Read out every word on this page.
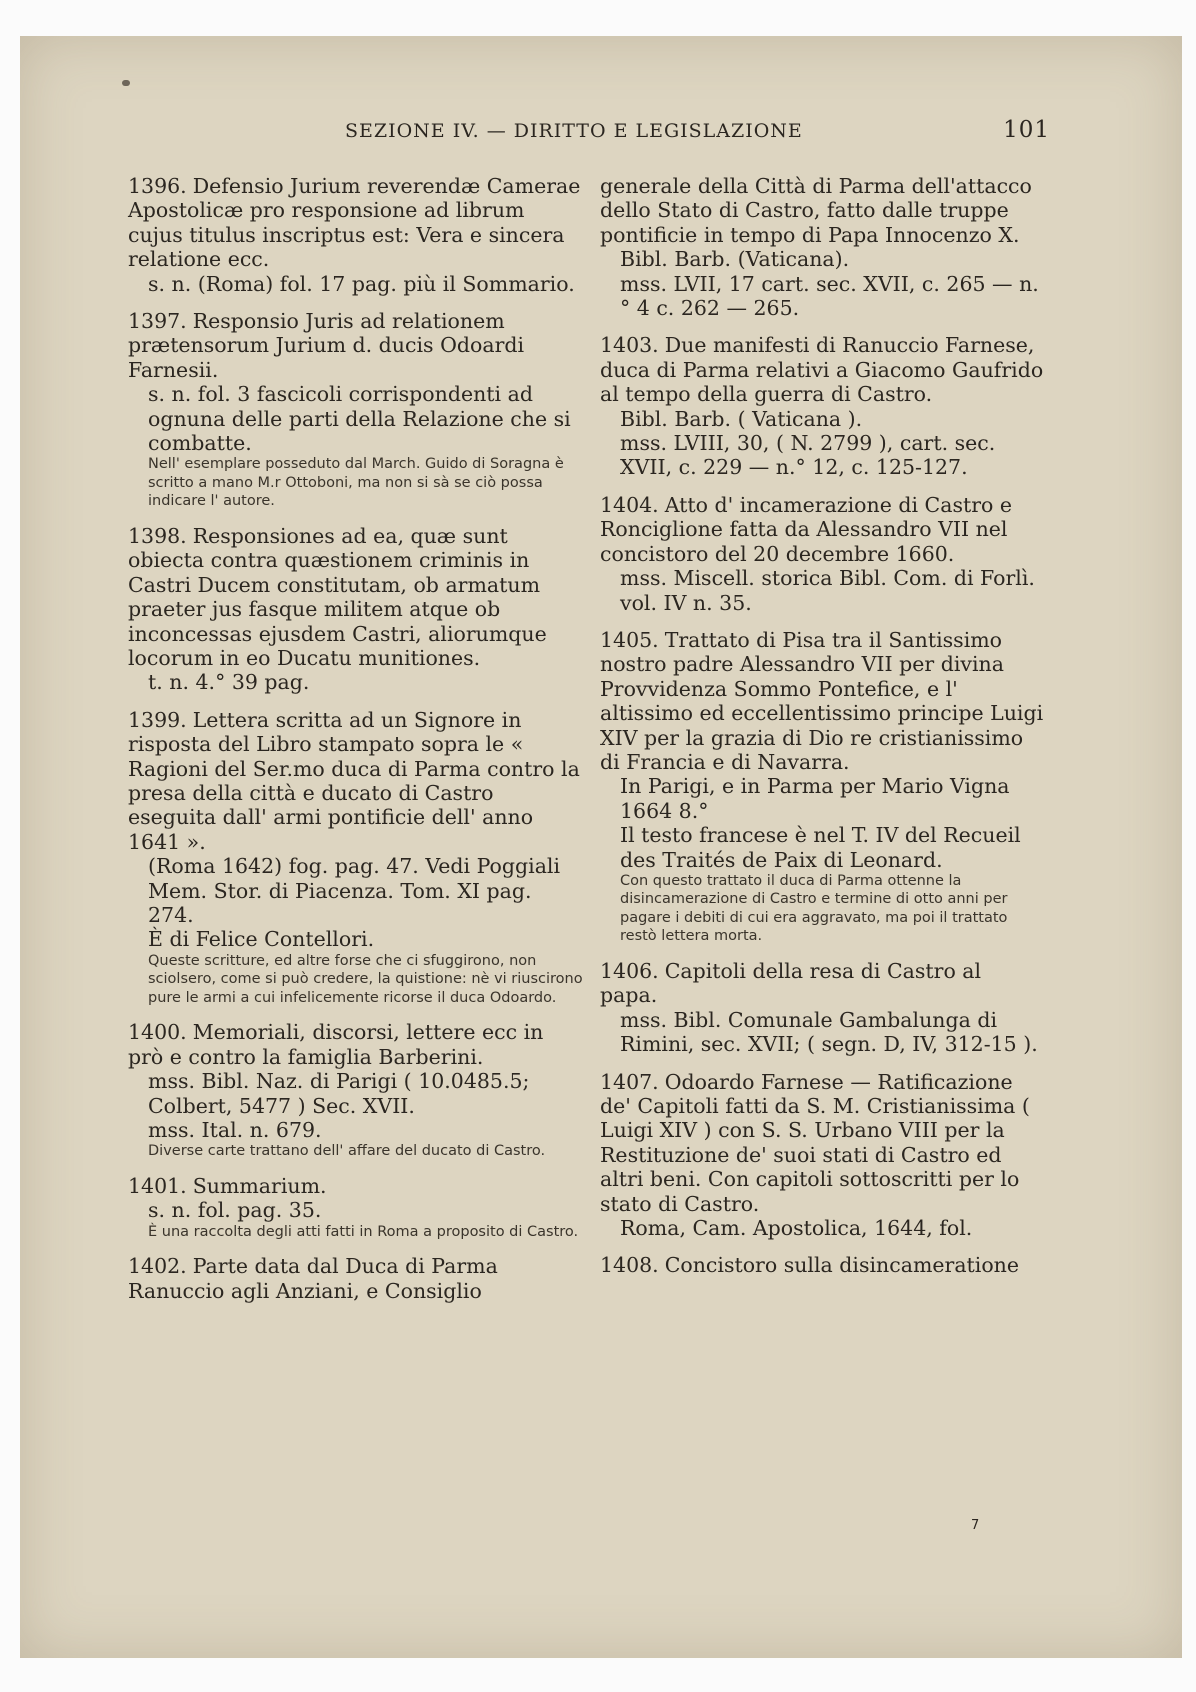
SEZIONE IV. — DIRITTO E LEGISLAZIONE	101

1396. Defensio Jurium reverendæ Camerae Apostolicæ pro responsione ad librum cujus titulus inscriptus est: Vera e sincera relatione ecc.

s. n. (Roma) fol. 17 pag. più il Sommario.

1397. Responsio Juris ad relationem prætensorum Jurium d. ducis Odoardi Farnesii.

s. n. fol. 3 fascicoli corrispondenti ad ognuna delle parti della Relazione che si combatte.

Nell' esemplare posseduto dal March. Guido di Soragna è scritto a mano M.r Ottoboni, ma non si sà se ciò possa indicare l' autore.

1398. Responsiones ad ea, quæ sunt obiecta contra quæstionem criminis in Castri Ducem constitutam, ob armatum praeter jus fasque militem atque ob inconcessas ejusdem Castri, aliorumque locorum in eo Ducatu munitiones.

t. n. 4.° 39 pag.

1399. Lettera scritta ad un Signore in risposta del Libro stampato sopra le « Ragioni del Ser.mo duca di Parma contro la presa della città e ducato di Castro eseguita dall' armi pontificie dell' anno 1641 ».

(Roma 1642) fog. pag. 47. Vedi Poggiali Mem. Stor. di Piacenza. Tom. XI pag. 274.

È di Felice Contellori.

Queste scritture, ed altre forse che ci sfuggirono, non sciolsero, come si può credere, la quistione: nè vi riuscirono pure le armi a cui infelicemente ricorse il duca Odoardo.

1400. Memoriali, discorsi, lettere ecc in prò e contro la famiglia Barberini.

mss. Bibl. Naz. di Parigi ( 10.0485.5; Colbert, 5477 ) Sec. XVII.

mss. Ital. n. 679.

Diverse carte trattano dell' affare del ducato di Castro.

1401. Summarium.

s. n. fol. pag. 35.

È una raccolta degli atti fatti in Roma a proposito di Castro.

1402. Parte data dal Duca di Parma Ranuccio agli Anziani, e Consiglio

generale della Città di Parma dell'attacco dello Stato di Castro, fatto dalle truppe pontificie in tempo di Papa Innocenzo X.

Bibl. Barb. (Vaticana).

mss. LVII, 17 cart. sec. XVII, c. 265 — n.° 4 c. 262 — 265.

1403. Due manifesti di Ranuccio Farnese, duca di Parma relativi a Giacomo Gaufrido al tempo della guerra di Castro.

Bibl. Barb. ( Vaticana ).

mss. LVIII, 30, ( N. 2799 ), cart. sec. XVII, c. 229 — n.° 12, c. 125-127.

1404. Atto d' incamerazione di Castro e Ronciglione fatta da Alessandro VII nel concistoro del 20 decembre 1660.

mss. Miscell. storica Bibl. Com. di Forlì. vol. IV n. 35.

1405. Trattato di Pisa tra il Santissimo nostro padre Alessandro VII per divina Provvidenza Sommo Pontefice, e l' altissimo ed eccellentissimo principe Luigi XIV per la grazia di Dio re cristianissimo di Francia e di Navarra.

In Parigi, e in Parma per Mario Vigna 1664 8.°

Il testo francese è nel T. IV del Recueil des Traités de Paix di Leonard.

Con questo trattato il duca di Parma ottenne la disincamerazione di Castro e termine di otto anni per pagare i debiti di cui era aggravato, ma poi il trattato restò lettera morta.

1406. Capitoli della resa di Castro al papa.

mss. Bibl. Comunale Gambalunga di Rimini, sec. XVII; ( segn. D, IV, 312-15 ).

1407. Odoardo Farnese — Ratificazione de' Capitoli fatti da S. M. Cristianissima ( Luigi XIV ) con S. S. Urbano VIII per la Restituzione de' suoi stati di Castro ed altri beni. Con capitoli sottoscritti per lo stato di Castro.

Roma, Cam. Apostolica, 1644, fol.

1408. Concistoro sulla disincameratione

7
